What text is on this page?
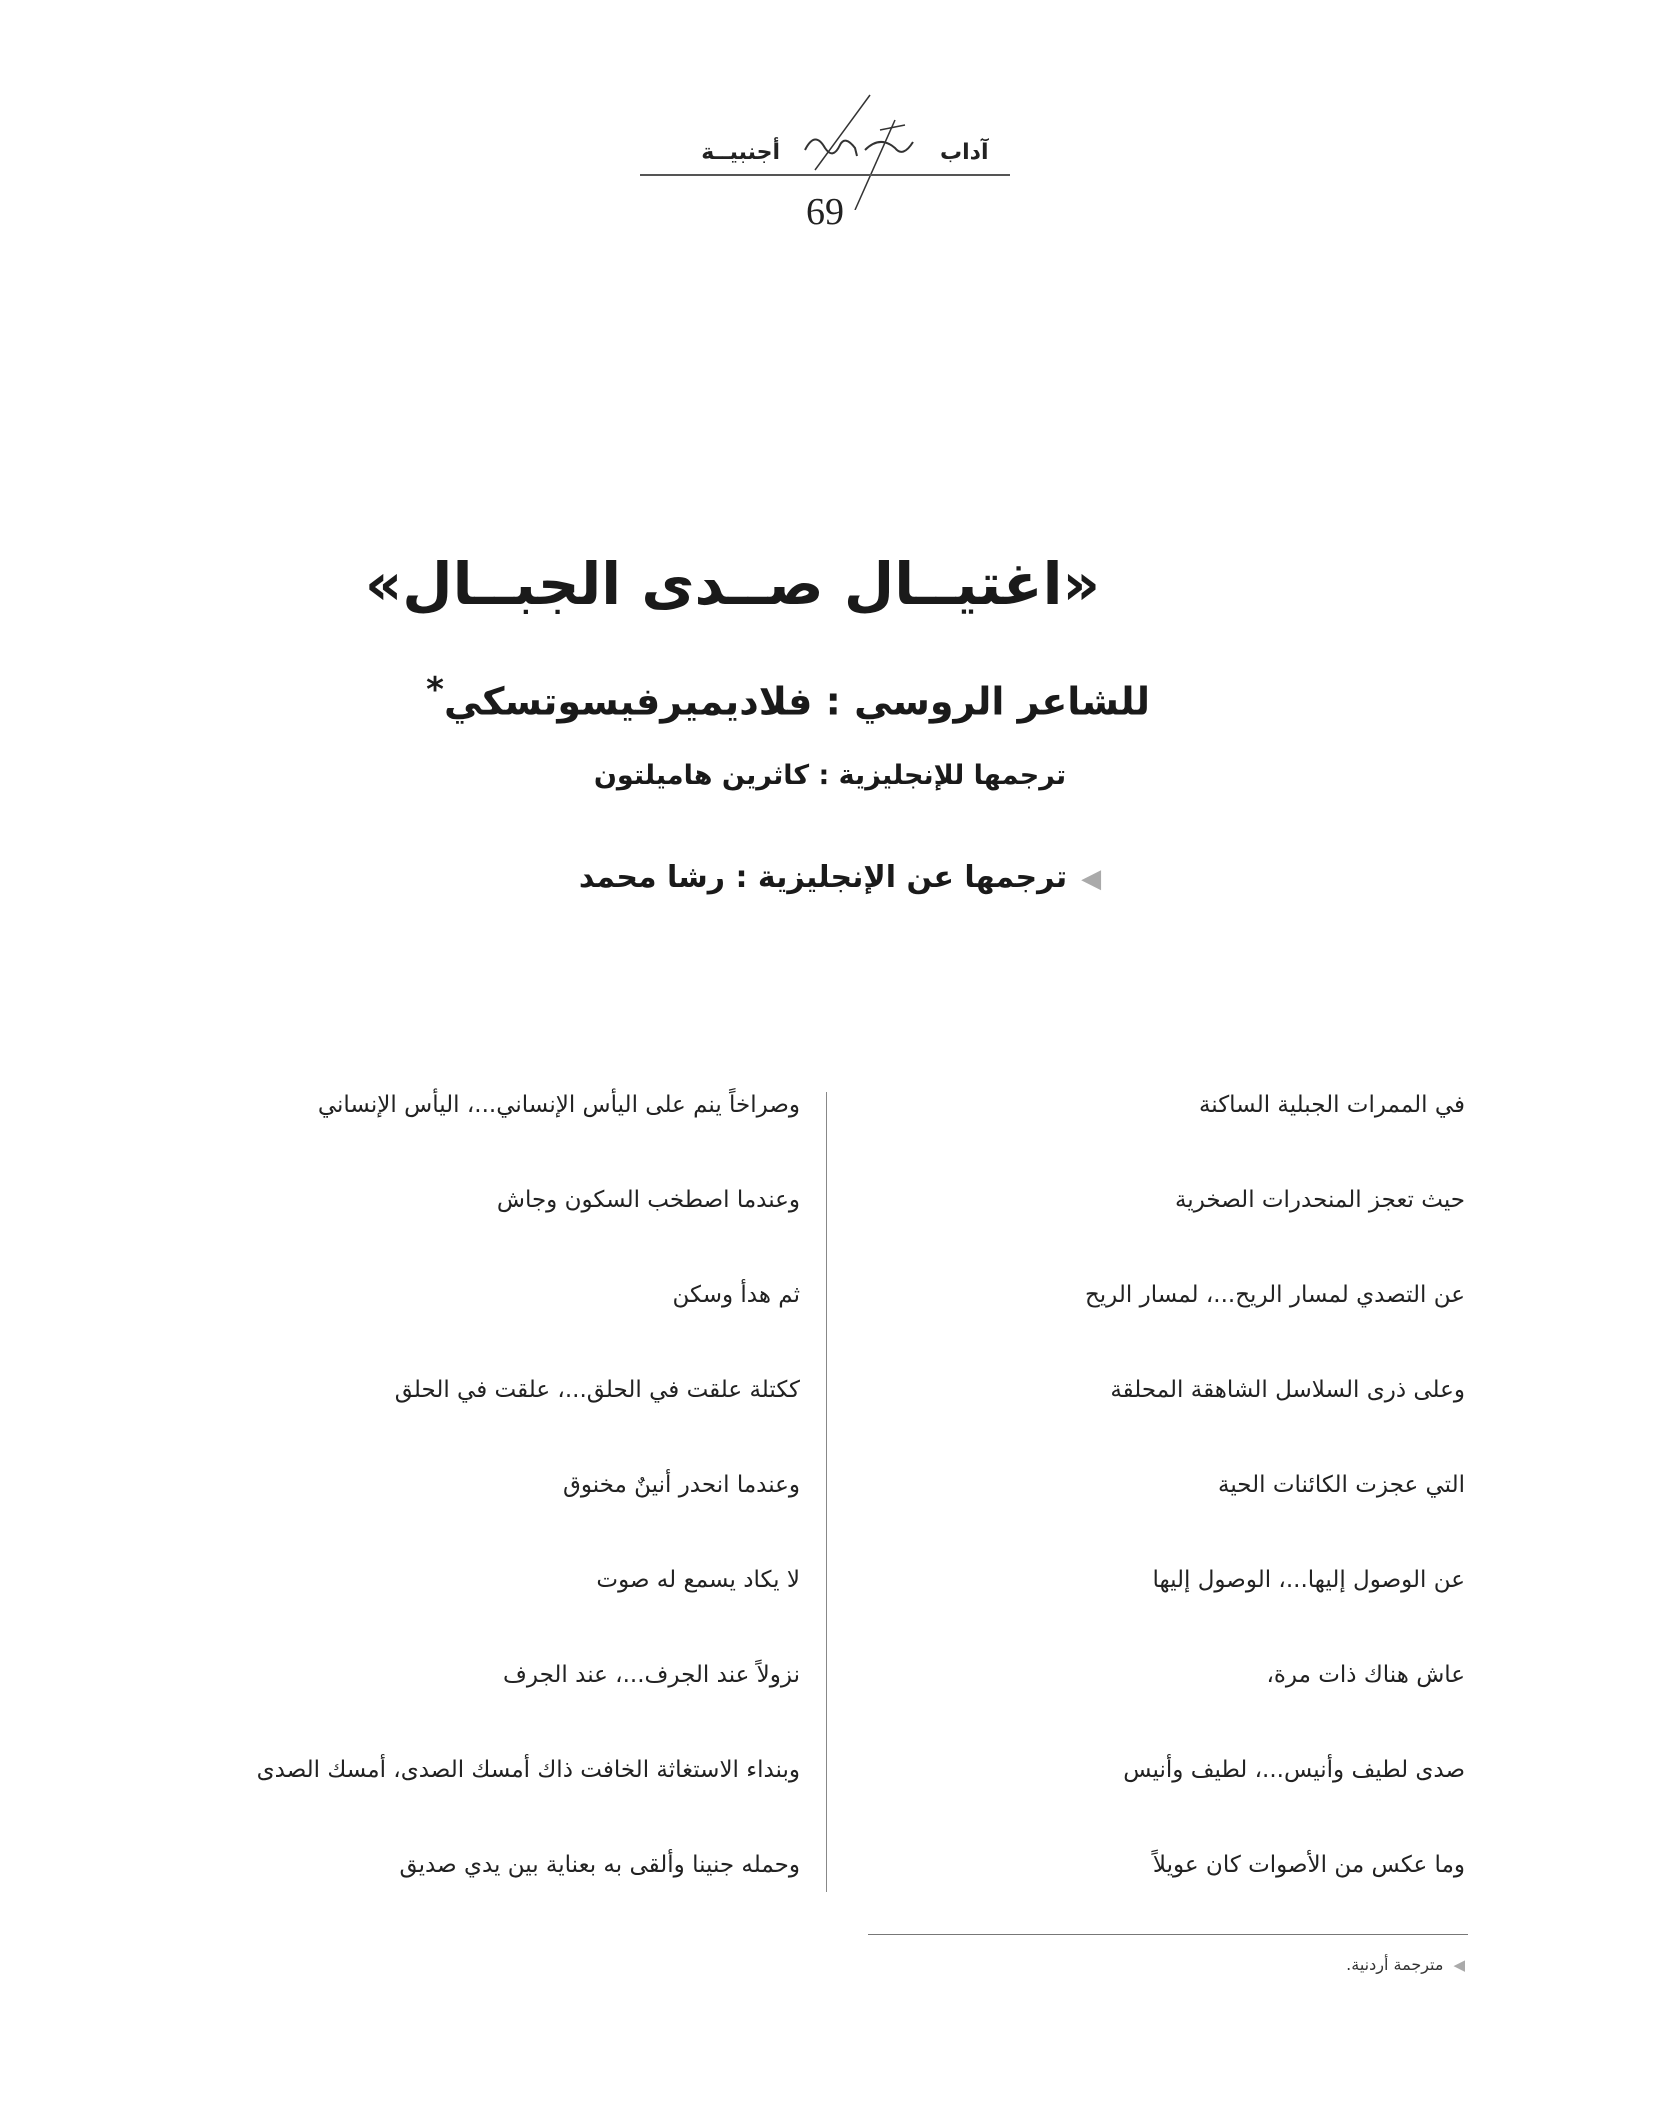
آداب
أجنبيــة
69
«اغتيــال صــدى الجبــال»
للشاعر الروسي : فلاديميرفيسوتسكي*
ترجمها للإنجليزية : كاثرين هاميلتون
◀ترجمها عن الإنجليزية : رشا محمد
في الممرات الجبلية الساكنة
حيث تعجز المنحدرات الصخرية
عن التصدي لمسار الريح...، لمسار الريح
وعلى ذرى السلاسل الشاهقة المحلقة
التي عجزت الكائنات الحية
عن الوصول إليها...، الوصول إليها
عاش هناك ذات مرة،
صدى لطيف وأنيس...، لطيف وأنيس
وما عكس من الأصوات كان عويلاً
وصراخاً ينم على اليأس الإنساني...، اليأس الإنساني
وعندما اصطخب السكون وجاش
ثم هدأ وسكن
ككتلة علقت في الحلق...، علقت في الحلق
وعندما انحدر أنينٌ مخنوق
لا يكاد يسمع له صوت
نزولاً عند الجرف...، عند الجرف
وبنداء الاستغاثة الخافت ذاك أمسك الصدى، أمسك الصدى
وحمله جنينا وألقى به بعناية بين يدي صديق
◀مترجمة أردنية.
